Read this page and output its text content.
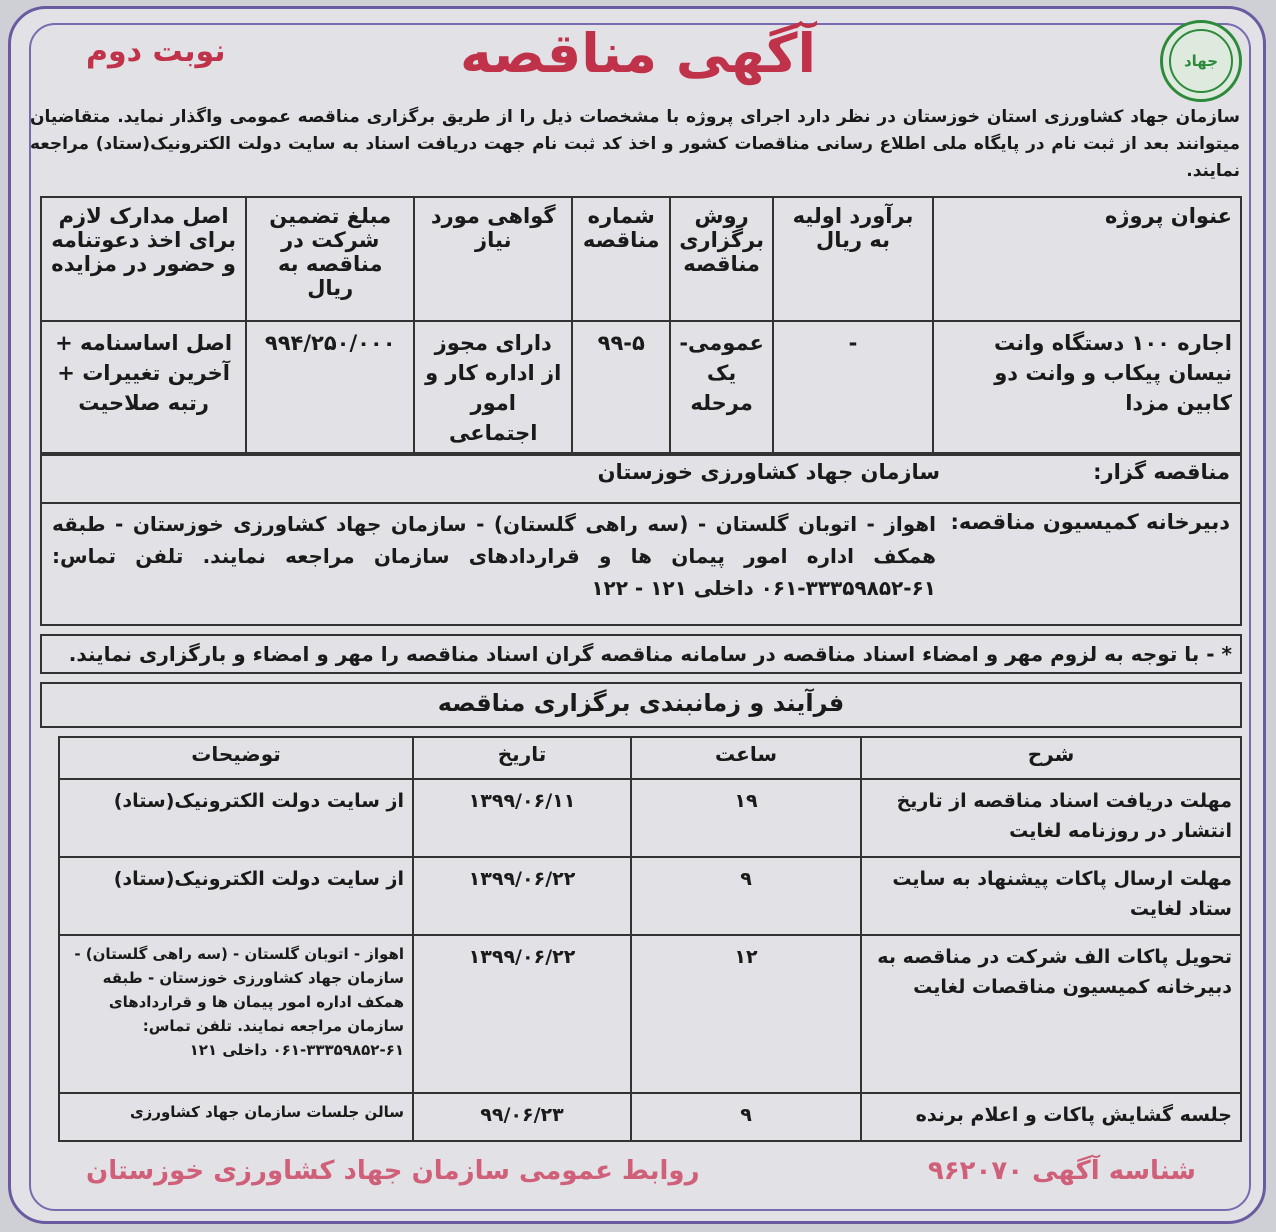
جهاد
آگهی مناقصه
نوبت دوم
سازمان جهاد کشاورزی استان خوزستان در نظر دارد اجرای پروژه با مشخصات ذیل را از طریق برگزاری مناقصه عمومی واگذار نماید. متقاضیان میتوانند بعد از ثبت نام در پایگاه ملی اطلاع رسانی مناقصات کشور و اخذ کد ثبت نام جهت دریافت اسناد به سایت دولت الکترونیک(ستاد) مراجعه نمایند.
عنوان پروژه	برآورد اولیه به ریال	روش برگزاری مناقصه	شماره مناقصه	گواهی مورد نیاز	مبلغ تضمین شرکت در مناقصه به ریال	اصل مدارک لازم برای اخذ دعوتنامه و حضور در مزایده
اجاره ۱۰۰ دستگاه وانت نیسان پیکاب و وانت دو کابین مزدا	-	عمومی- یک مرحله	۹۹-۵	دارای مجوز از اداره کار و امور اجتماعی	۹۹۴/۲۵۰/۰۰۰	اصل اساسنامه + آخرین تغییرات + رتبه صلاحیت
مناقصه گزار:
سازمان جهاد کشاورزی خوزستان
دبیرخانه کمیسیون مناقصه:
اهواز - اتوبان گلستان - (سه راهی گلستان) - سازمان جهاد کشاورزی خوزستان - طبقه همکف اداره امور پیمان ها و قراردادهای سازمان مراجعه نمایند. تلفن تماس: ۶۱-۳۳۳۵۹۸۵۲-۰۶۱ داخلی ۱۲۱ - ۱۲۲
* - با توجه به لزوم مهر و امضاء اسناد مناقصه در سامانه مناقصه گران اسناد مناقصه را مهر و امضاء و بارگزاری نمایند.
فرآیند و زمانبندی برگزاری مناقصه
شرح	ساعت	تاریخ	توضیحات
مهلت دریافت اسناد مناقصه از تاریخ انتشار در روزنامه لغایت	۱۹	۱۳۹۹/۰۶/۱۱	از سایت دولت الکترونیک(ستاد)
مهلت ارسال پاکات پیشنهاد به سایت ستاد لغایت	۹	۱۳۹۹/۰۶/۲۲	از سایت دولت الکترونیک(ستاد)
تحویل پاکات الف شرکت در مناقصه به دبیرخانه کمیسیون مناقصات لغایت	۱۲	۱۳۹۹/۰۶/۲۲	اهواز - اتوبان گلستان - (سه راهی گلستان) - سازمان جهاد کشاورزی خوزستان - طبقه همکف اداره امور پیمان ها و قراردادهای سازمان مراجعه نمایند. تلفن تماس: ۶۱-۳۳۳۵۹۸۵۲-۰۶۱ داخلی ۱۲۱
جلسه گشایش پاکات و اعلام برنده	۹	۹۹/۰۶/۲۳	سالن جلسات سازمان جهاد کشاورزی
شناسه آگهی ۹۶۲۰۷۰
روابط عمومی سازمان جهاد کشاورزی خوزستان
